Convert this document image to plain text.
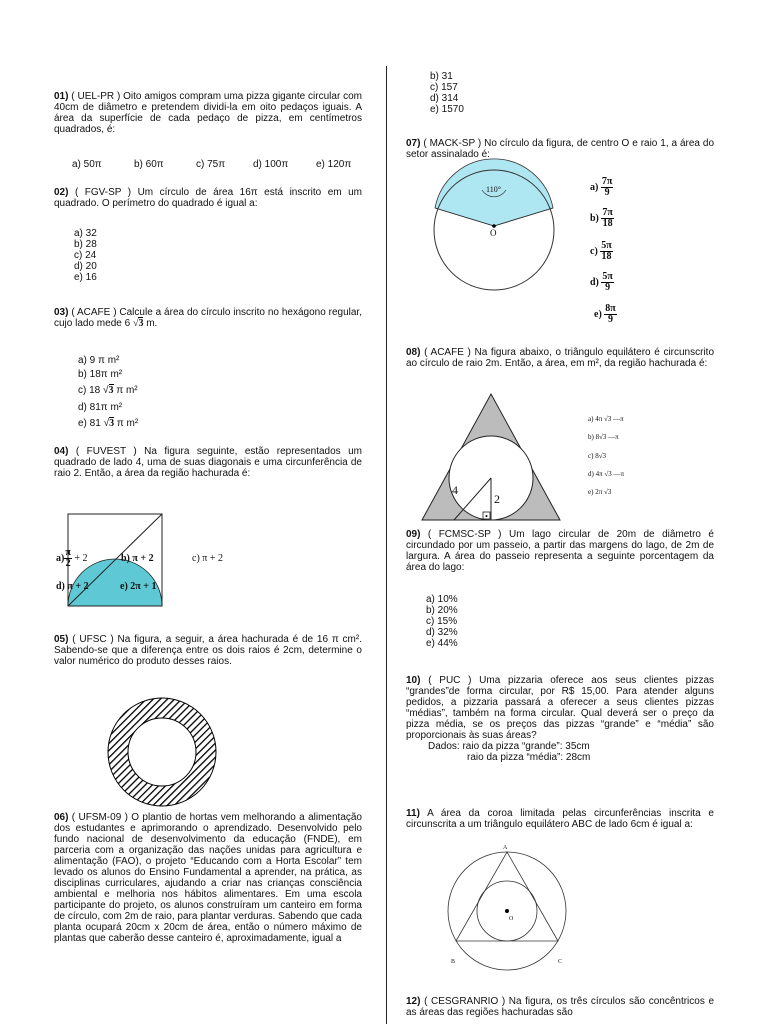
01) ( UEL-PR ) Oito amigos compram uma pizza gigante circular com 40cm de diâmetro e pretendem dividi-la em oito pedaços iguais. A área da superfície de cada pedaço de pizza, em centímetros quadrados, é:

a) 50π	b) 60π	c) 75π	d) 100π	e) 120π

02) ( FGV-SP ) Um círculo de área 16π está inscrito em um quadrado. O perímetro do quadrado é igual a:

a) 32
b) 28
c) 24
d) 20
e) 16

03) ( ACAFE ) Calcule a área do círculo inscrito no hexágono regular, cujo lado mede 6 √3 m.

a) 9 π m²
b) 18π m²
c) 18 √3 π m²
d) 81π m²
e) 81 √3 π m²

04) ( FUVEST ) Na figura seguinte, estão representados um quadrado de lado 4, uma de suas diagonais e uma circunferência de raio 2. Então, a área da região hachurada é:

$a) \frac{\pi}{2} + 2$	b) π + 2	c) π + 2
d) π + 2	e) 2π + 1

05) ( UFSC ) Na figura, a seguir, a área hachurada é de 16 π cm². Sabendo-se que a diferença entre os dois raios é 2cm, determine o valor numérico do produto desses raios.

06) ( UFSM-09 ) O plantio de hortas vem melhorando a alimentação dos estudantes e aprimorando o aprendizado. Desenvolvido pelo fundo nacional de desenvolvimento da educação (FNDE), em parceria com a organização das nações unidas para agricultura e alimentação (FAO), o projeto “Educando com a Horta Escolar” tem levado os alunos do Ensino Fundamental a aprender, na prática, as disciplinas curriculares, ajudando a criar nas crianças consciência ambiental e melhoria nos hábitos alimentares. Em uma escola participante do projeto, os alunos construíram um canteiro em forma de círculo, com 2m de raio, para plantar verduras. Sabendo que cada planta ocupará 20cm x 20cm de área, então o número máximo de plantas que caberão desse canteiro é, aproximadamente, igual a

b) 31
c) 157
d) 314
e) 1570

07) ( MACK-SP ) No círculo da figura, de centro O e raio 1, a área do setor assinalado é:

110°
O
$a) \frac{7\pi}{9}$
$b) \frac{7\pi}{18}$
$c) \frac{5\pi}{18}$
$d) \frac{5\pi}{9}$
$e) \frac{8\pi}{9}$

08) ( ACAFE ) Na figura abaixo, o triângulo equilátero é circunscrito ao círculo de raio 2m. Então, a área, em m², da região hachurada é:

4
2
a) 4π √3 —π
b) 8√3 —π
c) 8√3
d) 4π √3 —π
e) 2π √3

09) ( FCMSC-SP ) Um lago circular de 20m de diâmetro é circundado por um passeio, a partir das margens do lago, de 2m de largura. A área do passeio representa a seguinte porcentagem da área do lago:

a) 10%
b) 20%
c) 15%
d) 32%
e) 44%

10) ( PUC ) Uma pizzaria oferece aos seus clientes pizzas “grandes”de forma circular, por R$ 15,00. Para atender alguns pedidos, a pizzaria passará a oferecer a seus clientes pizzas “médias”, também na forma circular. Qual deverá ser o preço da pizza média, se os preços das pizzas “grande” e “média” são proporcionais às suas áreas?

Dados: raio da pizza “grande”: 35cm

raio da pizza “média”: 28cm

11) A área da coroa limitada pelas circunferências inscrita e circunscrita a um triângulo equilátero ABC de lado 6cm é igual a:

A
B	C
O

12) ( CESGRANRIO ) Na figura, os três círculos são concêntricos e as áreas das regiões hachuradas são
